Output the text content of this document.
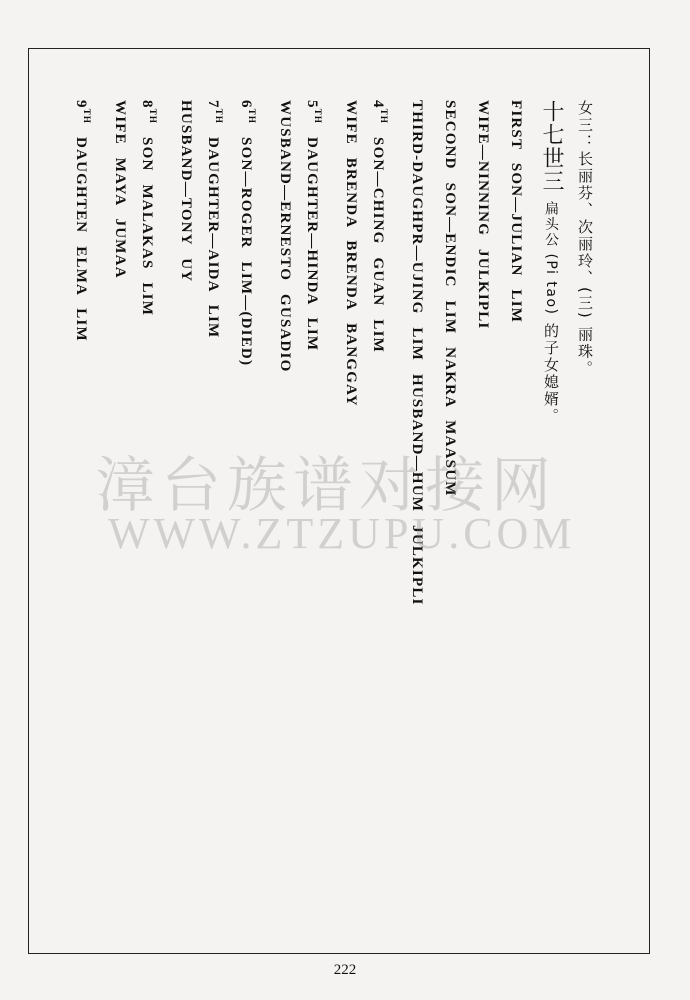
女三：长丽芬、次丽玲、(三) 丽珠。
十七世三扁头公 (Pi tao)的子女媳婿。
FIRST SON—JULIAN LIM
WIFE—NINNING JULKIPLI
SECOND SON—ENDIC LIM NAKRA MAASUM
THIRD-DAUGHPR—UJING LIM HUSBAND—HUM JULKIPLI
4TH SON—CHING GUAN LIM
WIFE BRENDA BRENDA BANGGAY
5TH DAUGHTER—HINDA LIM
WUSBAND—ERNESTO GUSADIO
6TH SON—ROGER LIM—(DIED)
7TH DAUGHTER—AIDA LIM
HUSBAND—TONY UY
8TH SON MALAKAS LIM
WIFE MAYA JUMAA
9TH DAUGHTEN ELMA LIM
漳台族谱对接网
WWW.ZTZUPU.COM
222
